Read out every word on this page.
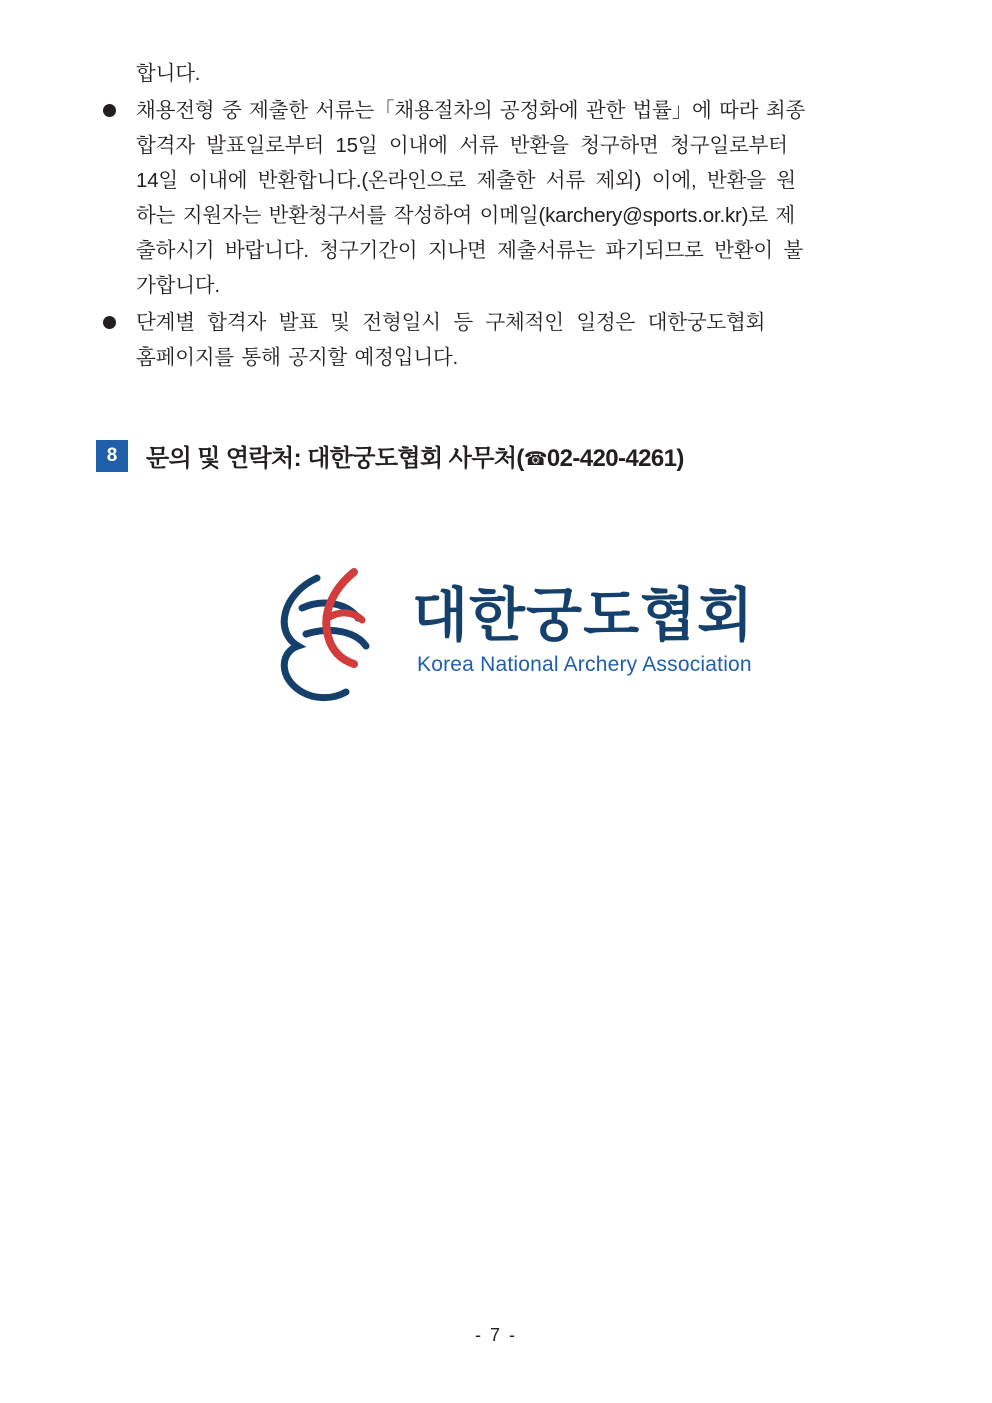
합니다.
채용전형 중 제출한 서류는「채용절차의 공정화에 관한 법률」에 따라 최종
합격자 발표일로부터 15일 이내에 서류 반환을 청구하면 청구일로부터
14일 이내에 반환합니다.(온라인으로 제출한 서류 제외) 이에, 반환을 원
하는 지원자는 반환청구서를 작성하여 이메일(karchery@sports.or.kr)로 제
출하시기 바랍니다. 청구기간이 지나면 제출서류는 파기되므로 반환이 불
가합니다.
단계별 합격자 발표 및 전형일시 등 구체적인 일정은 대한궁도협회
홈페이지를 통해 공지할 예정입니다.
8	문의 및 연락처: 대한궁도협회 사무처(☎02-420-4261)
대한궁도협회
Korea National Archery Association
- 7 -
